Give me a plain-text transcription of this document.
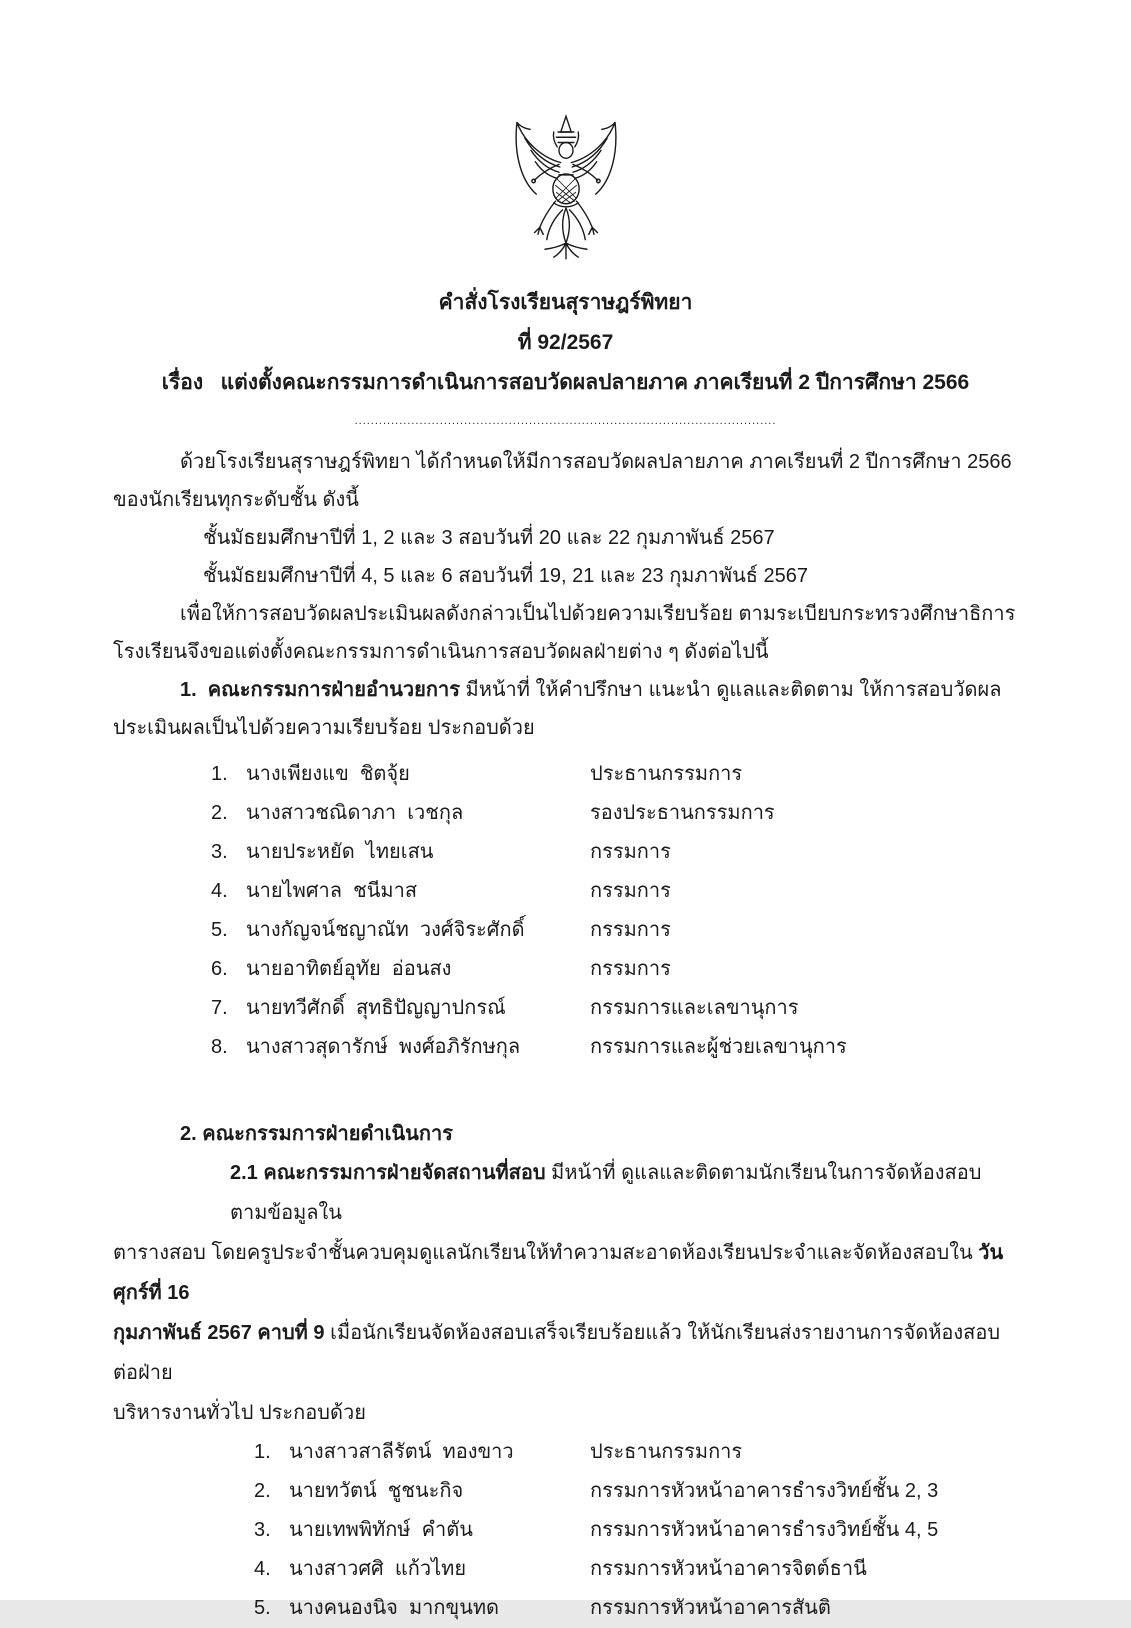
คำสั่งโรงเรียนสุราษฎร์พิทยา
ที่ 92/2567
เรื่อง   แต่งตั้งคณะกรรมการดำเนินการสอบวัดผลปลายภาค ภาคเรียนที่ 2 ปีการศึกษา 2566
........................................................................................................
ด้วยโรงเรียนสุราษฎร์พิทยา ได้กำหนดให้มีการสอบวัดผลปลายภาค ภาคเรียนที่ 2 ปีการศึกษา 2566
ของนักเรียนทุกระดับชั้น ดังนี้
ชั้นมัธยมศึกษาปีที่ 1, 2 และ 3 สอบวันที่ 20 และ 22 กุมภาพันธ์ 2567
ชั้นมัธยมศึกษาปีที่ 4, 5 และ 6 สอบวันที่ 19, 21 และ 23 กุมภาพันธ์ 2567
เพื่อให้การสอบวัดผลประเมินผลดังกล่าวเป็นไปด้วยความเรียบร้อย ตามระเบียบกระทรวงศึกษาธิการ
โรงเรียนจึงขอแต่งตั้งคณะกรรมการดำเนินการสอบวัดผลฝ่ายต่าง ๆ ดังต่อไปนี้
1.  คณะกรรมการฝ่ายอำนวยการ มีหน้าที่ ให้คำปรึกษา แนะนำ ดูแลและติดตาม ให้การสอบวัดผล
ประเมินผลเป็นไปด้วยความเรียบร้อย ประกอบด้วย
1. นางเพียงแข  ชิตจุ้ย	ประธานกรรมการ
2. นางสาวชณิดาภา  เวชกุล	รองประธานกรรมการ
3. นายประหยัด  ไทยเสน	กรรมการ
4. นายไพศาล  ชนีมาส	กรรมการ
5. นางกัญจน์ชญาณัท  วงศ์จิระศักดิ์	กรรมการ
6. นายอาทิตย์อุทัย  อ่อนสง	กรรมการ
7. นายทวีศักดิ์  สุทธิปัญญาปกรณ์	กรรมการและเลขานุการ
8. นางสาวสุดารักษ์  พงศ์อภิรักษกุล	กรรมการและผู้ช่วยเลขานุการ
2. คณะกรรมการฝ่ายดำเนินการ
2.1 คณะกรรมการฝ่ายจัดสถานที่สอบ มีหน้าที่ ดูแลและติดตามนักเรียนในการจัดห้องสอบตามข้อมูลใน
ตารางสอบ โดยครูประจำชั้นควบคุมดูแลนักเรียนให้ทำความสะอาดห้องเรียนประจำและจัดห้องสอบใน วันศุกร์ที่ 16
กุมภาพันธ์ 2567 คาบที่ 9 เมื่อนักเรียนจัดห้องสอบเสร็จเรียบร้อยแล้ว ให้นักเรียนส่งรายงานการจัดห้องสอบต่อฝ่าย
บริหารงานทั่วไป ประกอบด้วย
1. นางสาวสาลีรัตน์  ทองขาว	ประธานกรรมการ
2. นายทวัตน์  ชูชนะกิจ	กรรมการหัวหน้าอาคารธำรงวิทย์ชั้น 2, 3
3. นายเทพพิทักษ์  คำตัน	กรรมการหัวหน้าอาคารธำรงวิทย์ชั้น 4, 5
4. นางสาวศศิ  แก้วไทย	กรรมการหัวหน้าอาคารจิตต์ธานี
5. นางคนองนิจ  มากขุนทด	กรรมการหัวหน้าอาคารสันติ
